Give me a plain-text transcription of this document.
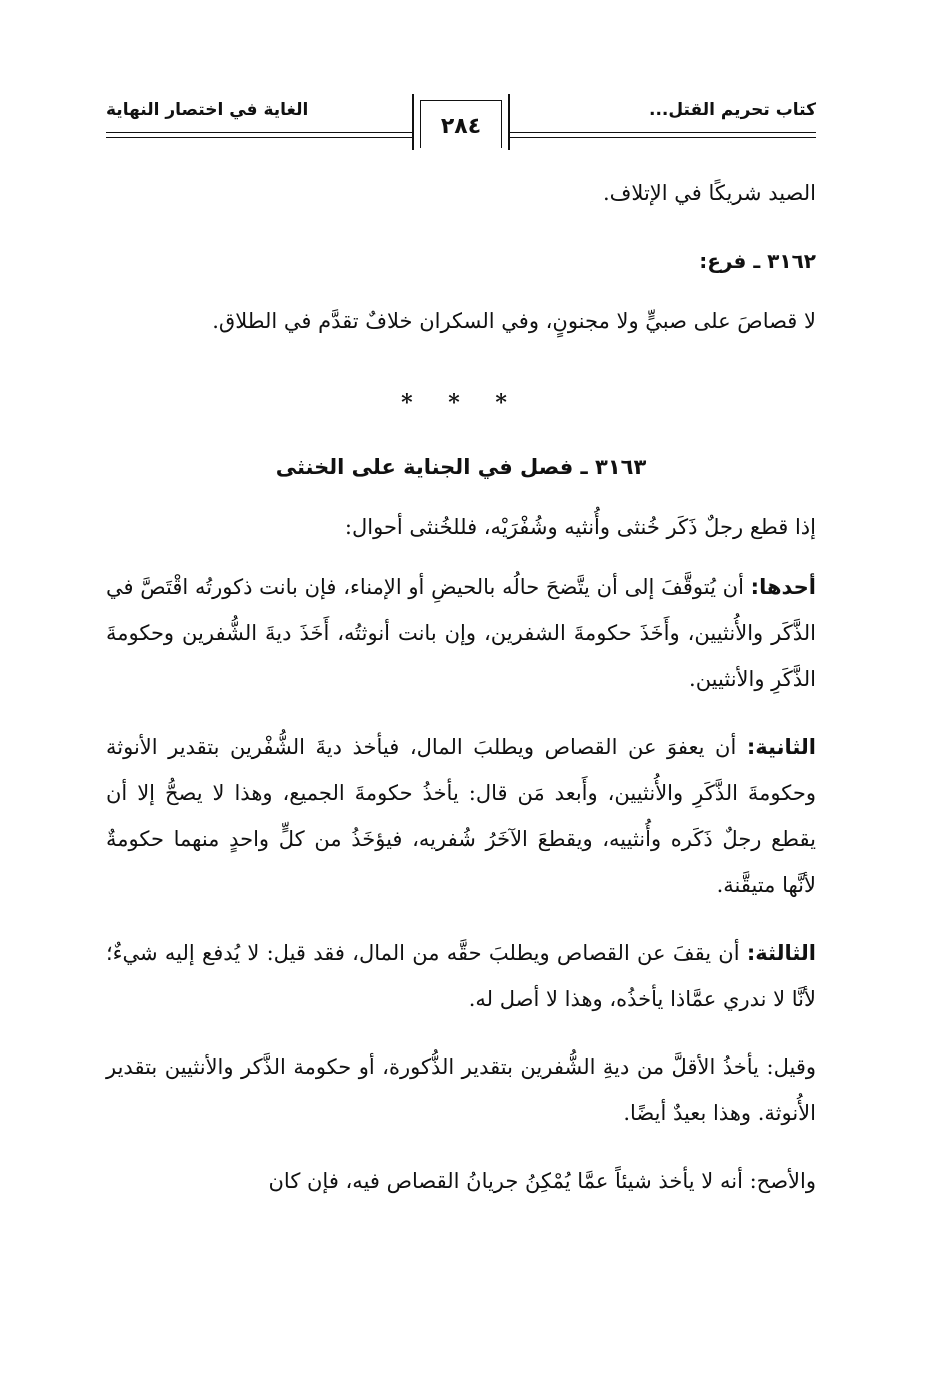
كتاب تحريم القتل...
الغاية في اختصار النهاية
٢٨٤

الصيد شريكًا في الإتلاف.

٣١٦٢ ـ فرع:

لا قصاصَ على صبيٍّ ولا مجنونٍ، وفي السكران خلافٌ تقدَّم في الطلاق.

* * *
٣١٦٣ ـ فصل في الجناية على الخنثى

إذا قطع رجلٌ ذَكَر خُنثى وأُنثيه وشُفْرَيْه، فللخُنثى أحوال:

أحدها: أن يُتوقَّفَ إلى أن يتَّضحَ حالُه بالحيضِ أو الإمناء، فإن بانت ذكورتُه اقْتَصَّ في الذَّكَر والأُنثيين، وأَخَذَ حكومةَ الشفرين، وإن بانت أنوثتُه، أَخَذَ ديةَ الشُّفرين وحكومةَ الذَّكَرِ والأنثيين.

الثانية: أن يعفوَ عن القصاص ويطلبَ المال، فيأخذ ديةَ الشُّفْرين بتقدير الأنوثة وحكومةَ الذَّكَرِ والأُنثيين، وأَبعد مَن قال: يأخذُ حكومةَ الجميع، وهذا لا يصحُّ إلا أن يقطع رجلٌ ذَكَره وأُنثييه، ويقطعَ الآخَرُ شُفريه، فيؤخَذُ من كلٍّ واحدٍ منهما حكومةٌ لأنَّها متيقَّنة.

الثالثة: أن يقفَ عن القصاص ويطلبَ حقَّه من المال، فقد قيل: لا يُدفع إليه شيءٌ؛ لأنَّا لا ندري عمَّاذا يأخذُه، وهذا لا أصل له.

وقيل: يأخذُ الأقلَّ من ديةِ الشُّفرين بتقدير الذُّكورة، أو حكومة الذَّكر والأنثيين بتقدير الأُنوثة. وهذا بعيدٌ أيضًا.

والأصح: أنه لا يأخذ شيئاً عمَّا يُمْكِنُ جريانُ القصاص فيه، فإن كان
